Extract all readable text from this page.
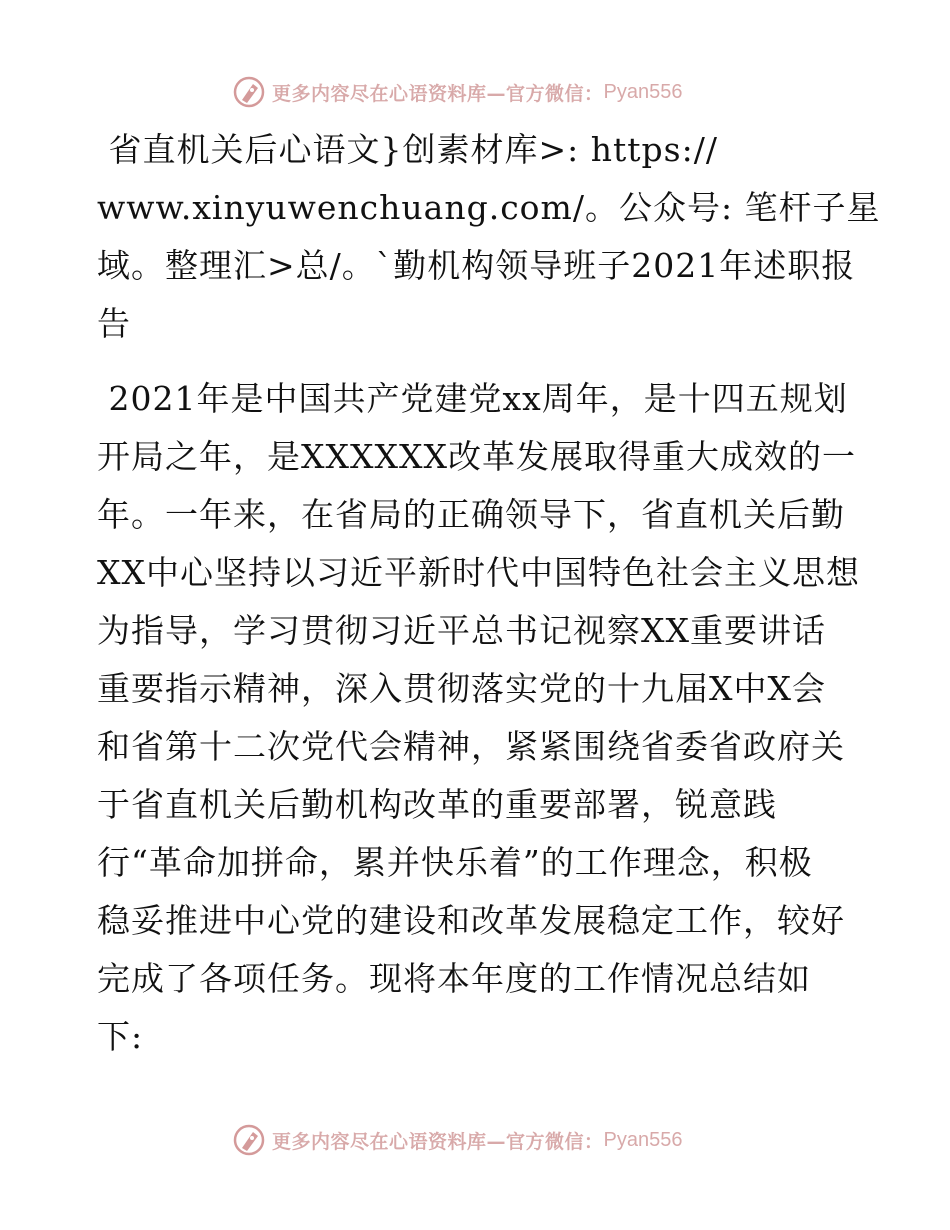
更多内容尽在心语资料库—官方微信： Pyan556
省直机关后心语文}创素材库>: https://
www.xinyuwenchuang.com/。公众号: 笔杆子星
域。整理汇>总/。`勤机构领导班子2021年述职报
告
2021年是中国共产党建党xx周年，是十四五规划
开局之年，是XXXXXX改革发展取得重大成效的一
年。一年来，在省局的正确领导下，省直机关后勤
XX中心坚持以习近平新时代中国特色社会主义思想
为指导，学习贯彻习近平总书记视察XX重要讲话
重要指示精神，深入贯彻落实党的十九届X中X会
和省第十二次党代会精神，紧紧围绕省委省政府关
于省直机关后勤机构改革的重要部署，锐意践
行“革命加拼命，累并快乐着”的工作理念，积极
稳妥推进中心党的建设和改革发展稳定工作，较好
完成了各项任务。现将本年度的工作情况总结如
下:
更多内容尽在心语资料库—官方微信： Pyan556
